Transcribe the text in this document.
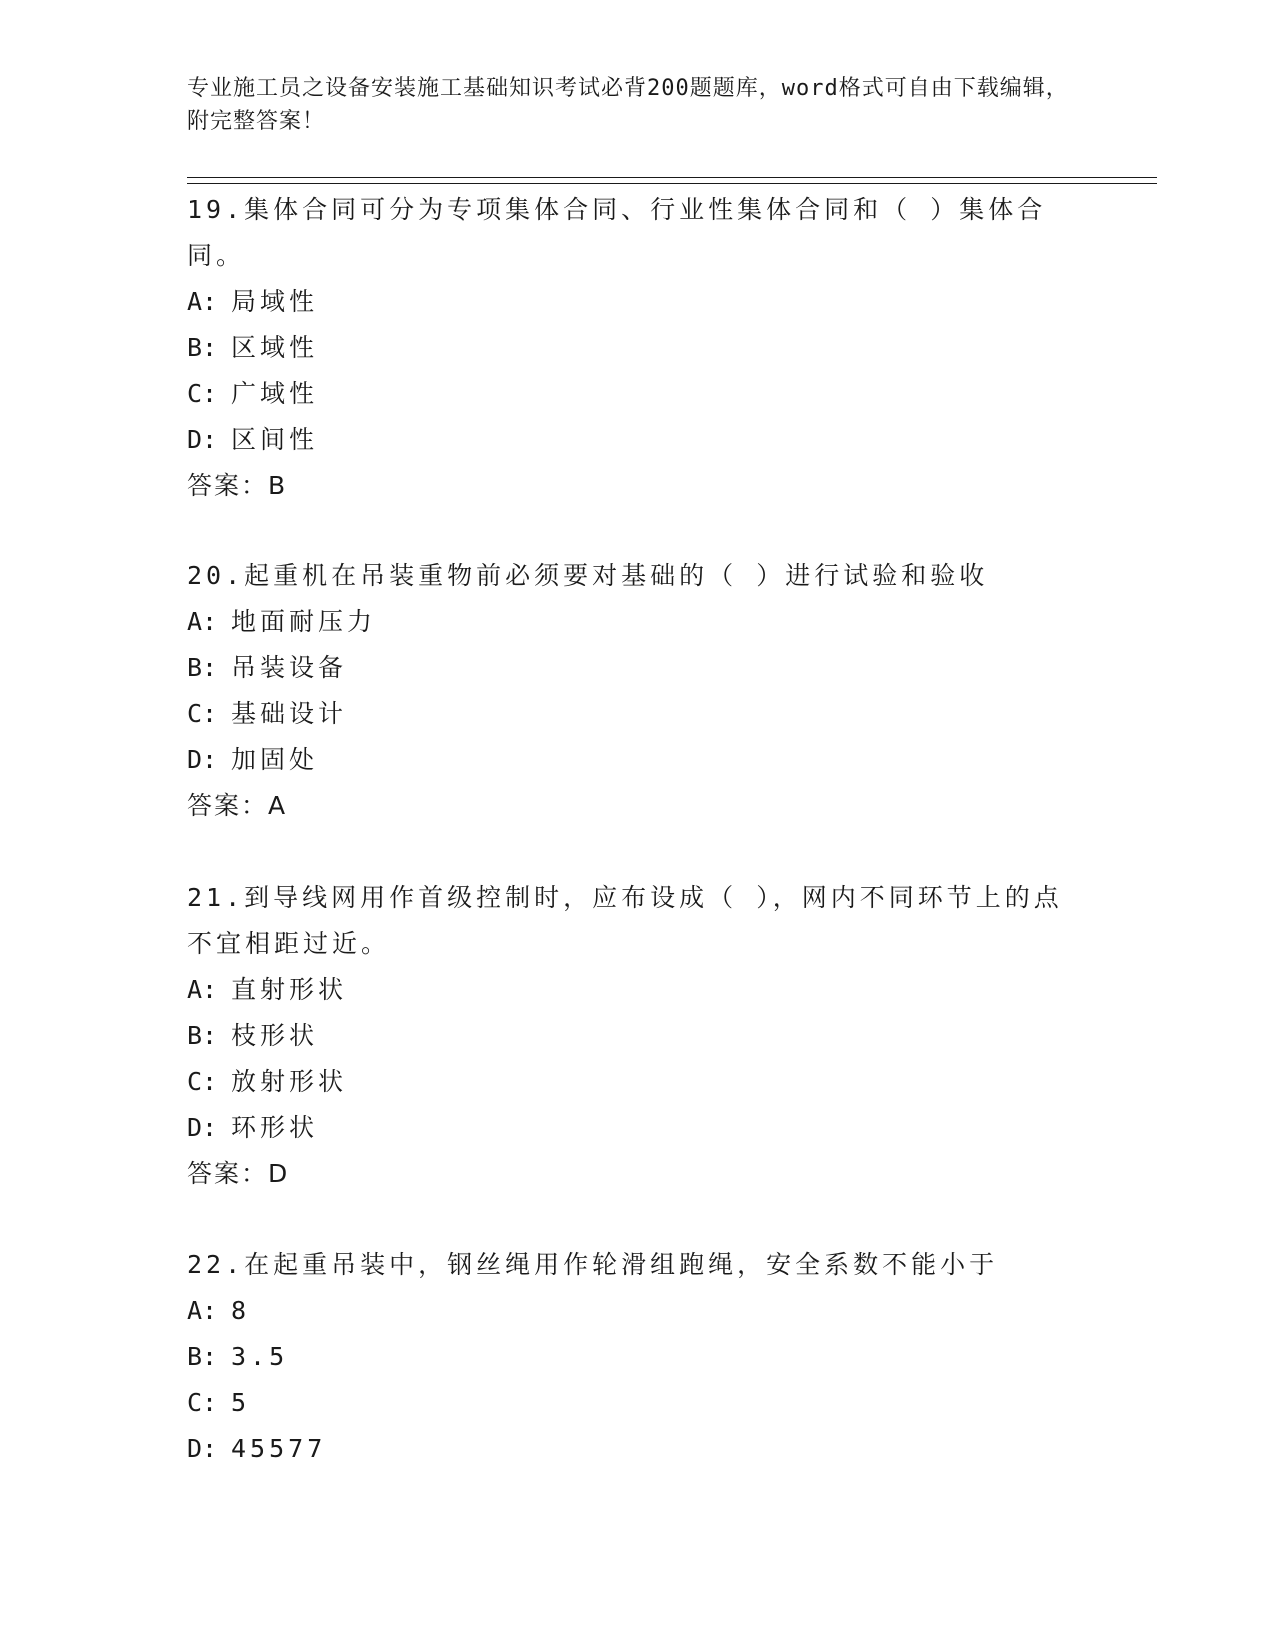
专业施工员之设备安装施工基础知识考试必背200题题库，word格式可自由下载编辑，附完整答案！

19.集体合同可分为专项集体合同、行业性集体合同和（ ）集体合同。

A: 局域性

B: 区域性

C: 广域性

D: 区间性

答案：B

20.起重机在吊装重物前必须要对基础的（ ）进行试验和验收

A: 地面耐压力

B: 吊装设备

C: 基础设计

D: 加固处

答案：A

21.到导线网用作首级控制时，应布设成（ ），网内不同环节上的点不宜相距过近。

A: 直射形状

B: 枝形状

C: 放射形状

D: 环形状

答案：D

22.在起重吊装中，钢丝绳用作轮滑组跑绳，安全系数不能小于

A: 8

B: 3.5

C: 5

D: 45577
